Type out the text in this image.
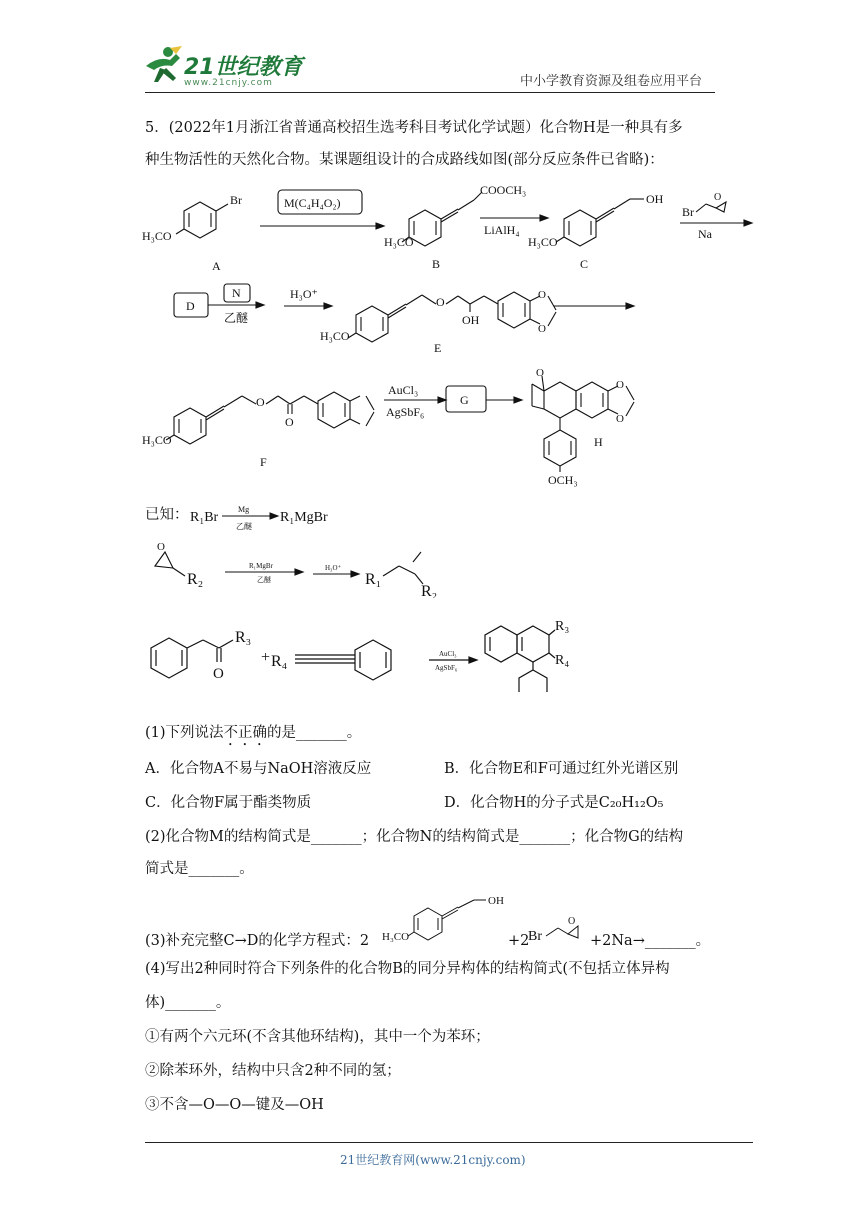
21世纪教育
www.21cnjy.com	中小学教育资源及组卷应用平台
5．(2022年1月浙江省普通高校招生选考科目考试化学试题）化合物H是一种具有多
种生物活性的天然化合物。某课题组设计的合成路线如图(部分反应条件已省略)：
Br
H₃CO
A
M(C₄H₄O₂)
COOCH₃
H₃CO
B
LiAlH₄
OH
H₃CO
C
Br
O
Na
D
N
乙醚
H₃O⁺
O
OH
O
O
H₃CO
E
O
O
H₃CO
F
AuCl₃
AgSbF₆
G
O
O
O
OCH₃
H
已知： R₁Br
Mg
乙醚
R₁MgBr
O
R₂
R₁MgBr
乙醚
H₃O⁺
R₁
R₂
O
R₃
+ R₄	AuCl₃
AgSbF₆
R₃
R₄
(1)下列说法不正确的是_______。
A．化合物A不易与NaOH溶液反应	B．化合物E和F可通过红外光谱区别
C．化合物F属于酯类物质	D．化合物H的分子式是C₂₀H₁₂O₅
(2)化合物M的结构简式是_______；化合物N的结构简式是_______；化合物G的结构
简式是_______。
(3)补充完整C→D的化学方程式：2
OH
H₃CO	+2
Br
O
+2Na→_______。
(4)写出2种同时符合下列条件的化合物B的同分异构体的结构简式(不包括立体异构
体)_______。
①有两个六元环(不含其他环结构)，其中一个为苯环；
②除苯环外，结构中只含2种不同的氢；
③不含—O—O—键及—OH
21世纪教育网(www.21cnjy.com)
